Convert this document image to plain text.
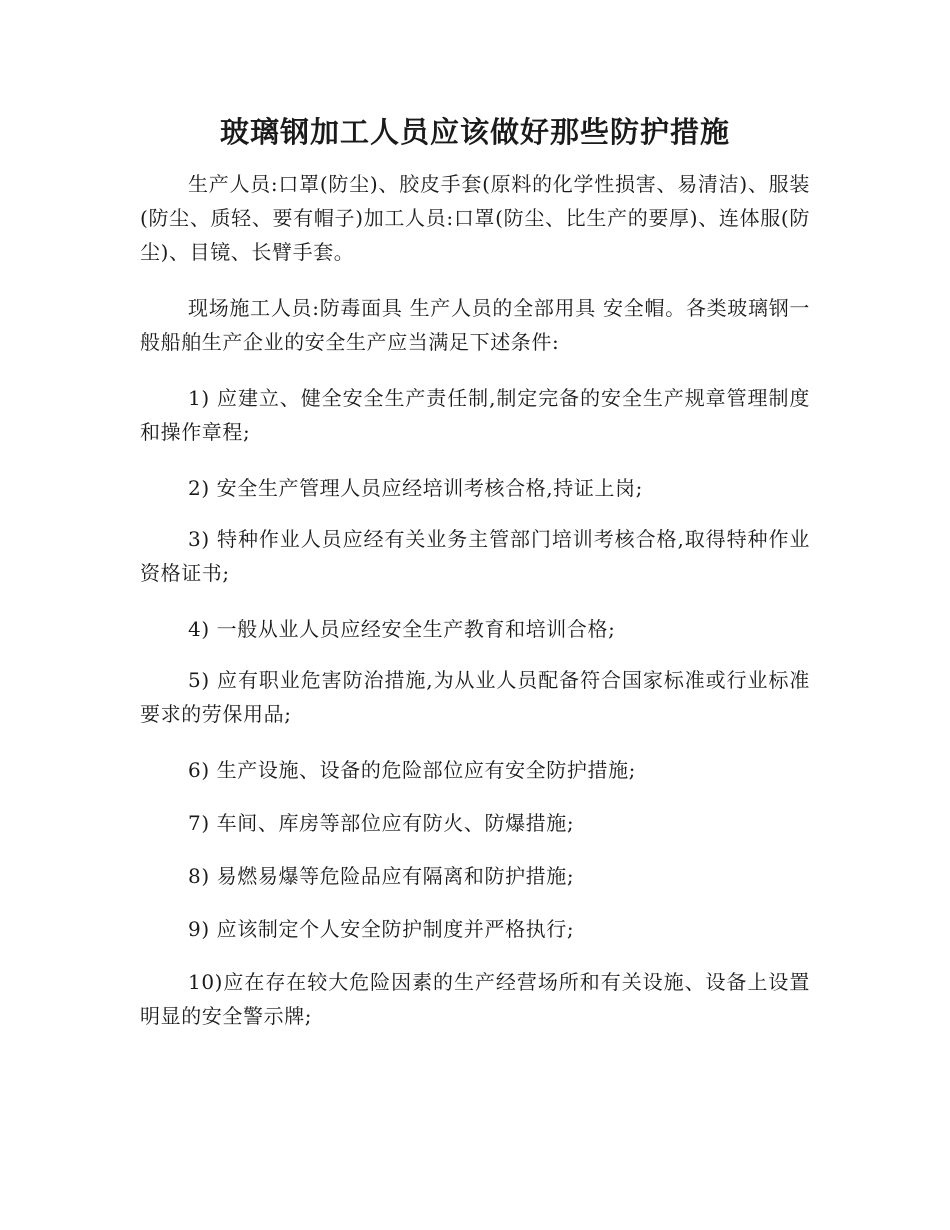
玻璃钢加工人员应该做好那些防护措施

生产人员:口罩(防尘)、胶皮手套(原料的化学性损害、易清洁)、服装(防尘、质轻、要有帽子)加工人员:口罩(防尘、比生产的要厚)、连体服(防尘)、目镜、长臂手套。

现场施工人员:防毒面具 生产人员的全部用具 安全帽。各类玻璃钢一般船舶生产企业的安全生产应当满足下述条件:

1) 应建立、健全安全生产责任制,制定完备的安全生产规章管理制度和操作章程;

2) 安全生产管理人员应经培训考核合格,持证上岗;

3) 特种作业人员应经有关业务主管部门培训考核合格,取得特种作业资格证书;

4) 一般从业人员应经安全生产教育和培训合格;

5) 应有职业危害防治措施,为从业人员配备符合国家标准或行业标准要求的劳保用品;

6) 生产设施、设备的危险部位应有安全防护措施;

7) 车间、库房等部位应有防火、防爆措施;

8) 易燃易爆等危险品应有隔离和防护措施;

9) 应该制定个人安全防护制度并严格执行;

10)应在存在较大危险因素的生产经营场所和有关设施、设备上设置明显的安全警示牌;
